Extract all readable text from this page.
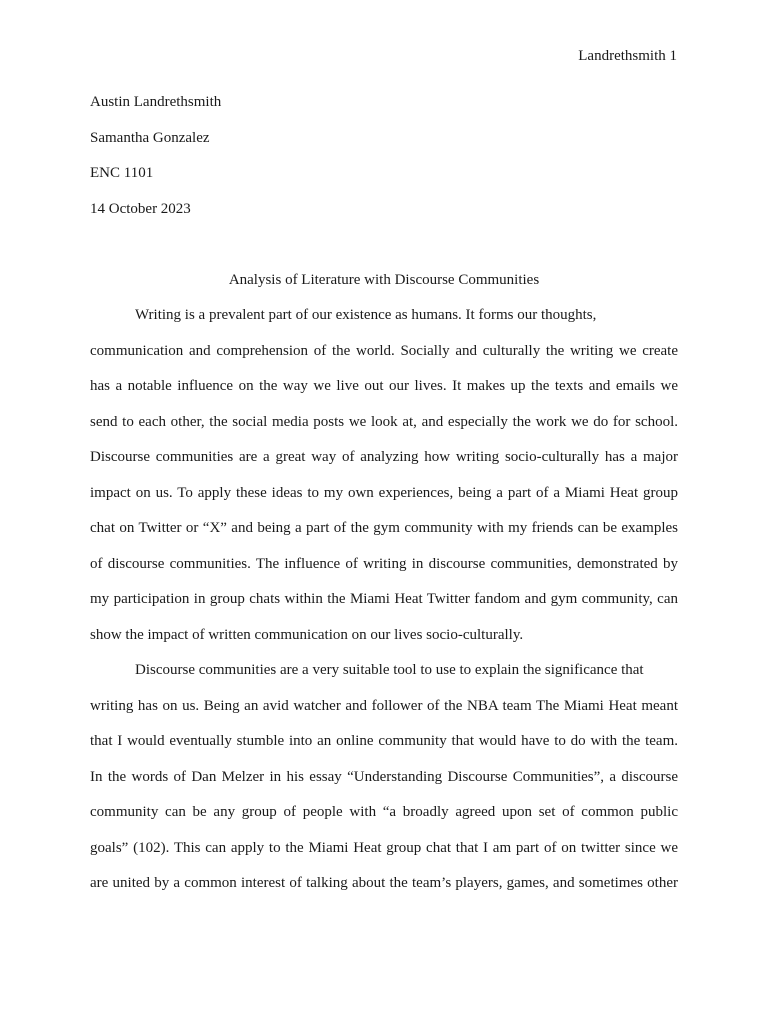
Landrethsmith 1
Austin Landrethsmith
Samantha Gonzalez
ENC 1101
14 October 2023
Analysis of Literature with Discourse Communities
Writing is a prevalent part of our existence as humans. It forms our thoughts,
communication and comprehension of the world. Socially and culturally the writing we create
has a notable influence on the way we live out our lives. It makes up the texts and emails we
send to each other, the social media posts we look at, and especially the work we do for school.
Discourse communities are a great way of analyzing how writing socio-culturally has a major
impact on us. To apply these ideas to my own experiences, being a part of a Miami Heat group
chat on Twitter or “X” and being a part of the gym community with my friends can be examples
of discourse communities. The influence of writing in discourse communities, demonstrated by
my participation in group chats within the Miami Heat Twitter fandom and gym community, can
show the impact of written communication on our lives socio-culturally.
Discourse communities are a very suitable tool to use to explain the significance that
writing has on us. Being an avid watcher and follower of the NBA team The Miami Heat meant
that I would eventually stumble into an online community that would have to do with the team.
In the words of Dan Melzer in his essay “Understanding Discourse Communities”, a discourse
community can be any group of people with “a broadly agreed upon set of common public
goals” (102). This can apply to the Miami Heat group chat that I am part of on twitter since we
are united by a common interest of talking about the team’s players, games, and sometimes other
